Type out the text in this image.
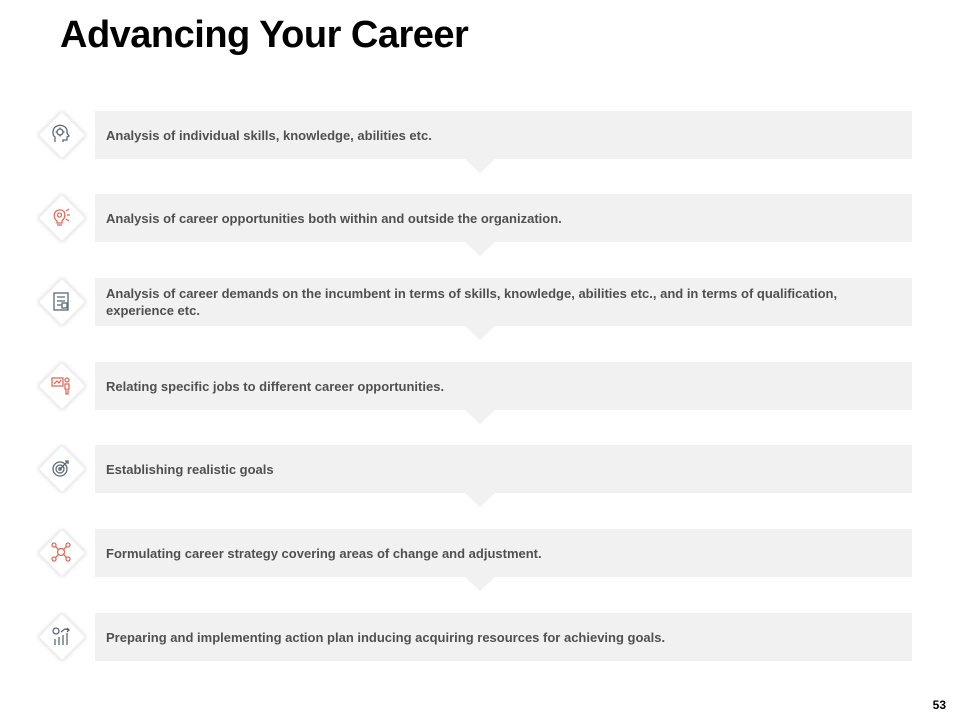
Advancing Your Career
Analysis of individual skills, knowledge, abilities etc.
Analysis of career opportunities both within and outside the organization.
Analysis of career demands on the incumbent in terms of skills, knowledge, abilities etc., and in terms of qualification, experience etc.
Relating specific jobs to different career opportunities.
Establishing realistic goals
Formulating career strategy covering areas of change and adjustment.
Preparing and implementing action plan inducing acquiring resources for achieving goals.
53
